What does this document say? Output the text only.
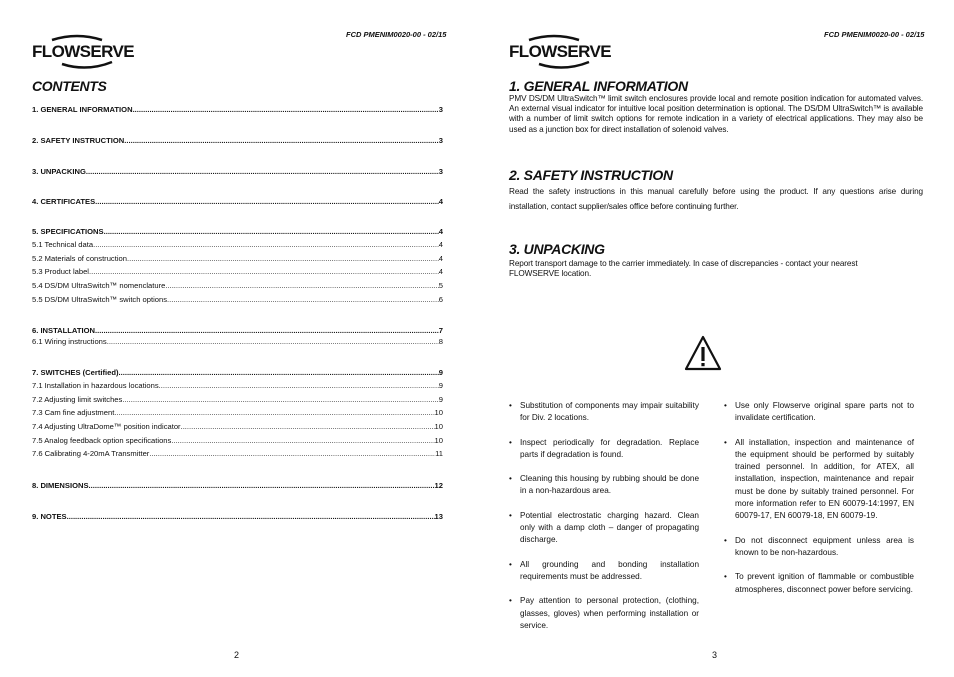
FLOWSERVE
FCD PMENIM0020-00 - 02/15
CONTENTS
1. GENERAL INFORMATION .....	3
2. SAFETY INSTRUCTION .....	3
3. UNPACKING .....	3
4. CERTIFICATES .....	4
5. SPECIFICATIONS .....	4
5.1 Technical data .....	4
5.2 Materials of construction .....	4
5.3 Product label .....	4
5.4 DS/DM UltraSwitch™ nomenclature .....	5
5.5 DS/DM UltraSwitch™ switch options .....	6
6. INSTALLATION .....	7
6.1 Wiring instructions .....	8
7. SWITCHES (Certified) .....	9
7.1 Installation in hazardous locations .....	9
7.2 Adjusting limit switches .....	9
7.3 Cam fine adjustment .....	10
7.4 Adjusting UltraDome™ position indicator .....	10
7.5 Analog feedback option specifications .....	10
7.6 Calibrating 4-20mA Transmitter .....	11
8. DIMENSIONS .....	12
9. NOTES .....	13
2
FLOWSERVE
FCD PMENIM0020-00 - 02/15
1. GENERAL INFORMATION
PMV DS/DM UltraSwitch™ limit switch enclosures provide local and remote position indication for automated valves. An external visual indicator for intuitive local position determination is optional. The DS/DM UltraSwitch™ is available with a number of limit switch options for remote indication in a variety of electrical applications. They may also be used as a junction box for direct installation of solenoid valves.
2. SAFETY INSTRUCTION
Read the safety instructions in this manual carefully before using the product. If any questions arise during installation, contact supplier/sales office before continuing further.
3. UNPACKING
Report transport damage to the carrier immediately. In case of discrepancies - contact your nearest FLOWSERVE location.
• Substitution of components may impair suitability for Div. 2 locations.
• Inspect periodically for degradation. Replace parts if degradation is found.
• Cleaning this housing by rubbing should be done in a non-hazardous area.
• Potential electrostatic charging hazard. Clean only with a damp cloth – danger of propagating discharge.
• All grounding and bonding installation requirements must be addressed.
• Pay attention to personal protection, (clothing, glasses, gloves) when performing installation or service.
• Use only Flowserve original spare parts not to invalidate certification.
• All installation, inspection and maintenance of the equipment should be performed by suitably trained personnel. In addition, for ATEX, all installation, inspection, maintenance and repair must be done by suitably trained personnel. For more information refer to EN 60079-14:1997, EN 60079-17, EN 60079-18, EN 60079-19.
• Do not disconnect equipment unless area is known to be non-hazardous.
• To prevent ignition of flammable or combustible atmospheres, disconnect power before servicing.
3
